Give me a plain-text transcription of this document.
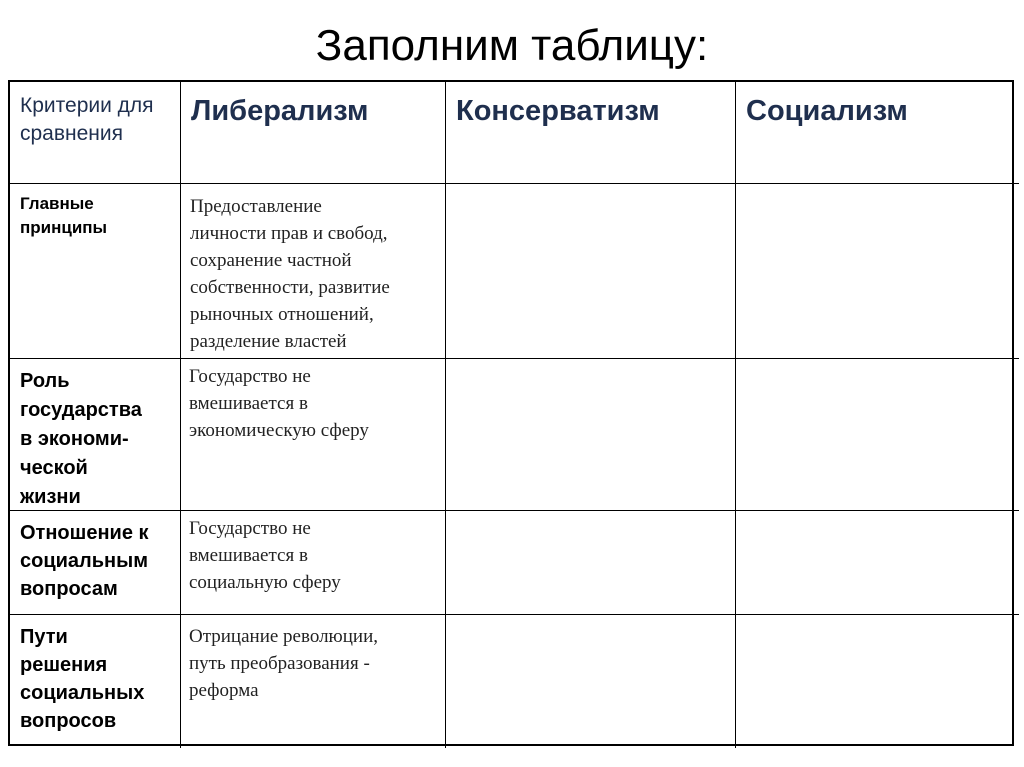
Заполним таблицу:
Критерии для сравнения
Либерализм	Консерватизм	Социализм
Главные
принципы
Предоставление
личности прав и свобод,
сохранение частной
собственности, развитие
рыночных отношений,
разделение властей
Роль
государства
в экономи-
ческой
жизни
Государство не
вмешивается в
экономическую сферу
Отношение к
социальным
вопросам
Государство не
вмешивается в
социальную сферу
Пути
решения
социальных
вопросов
Отрицание революции,
путь преобразования -
реформа
